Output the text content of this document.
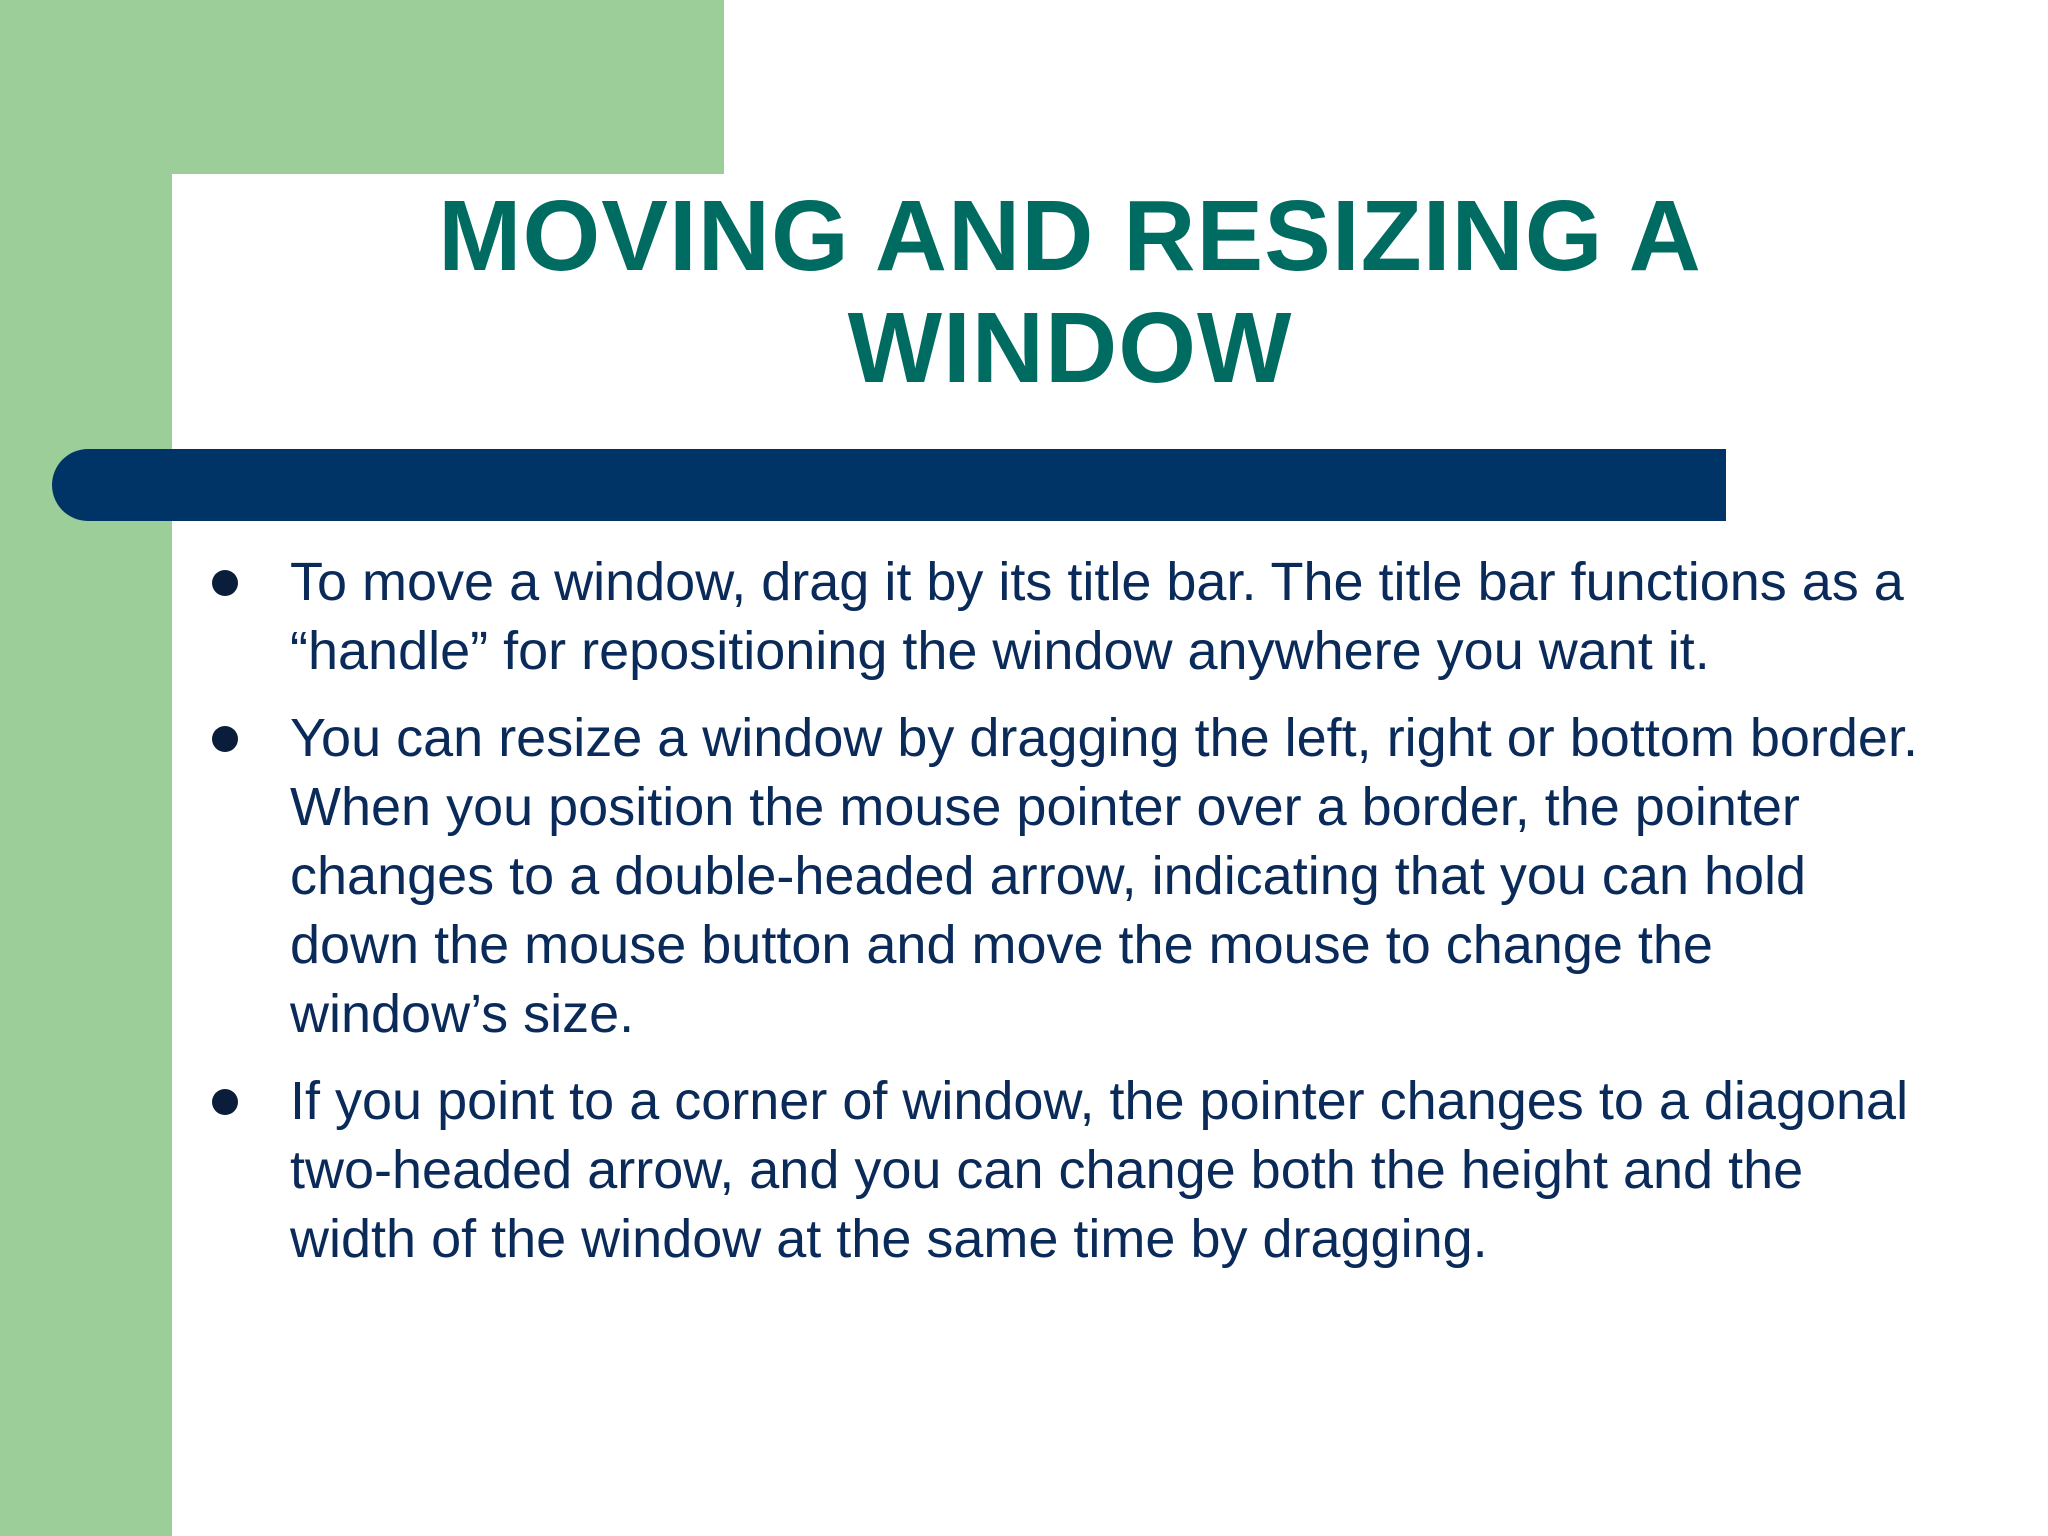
MOVING AND RESIZING A
WINDOW
To move a window, drag it by its title bar. The title bar functions as a “handle” for repositioning the window anywhere you want it.
You can resize a window by dragging the left, right or bottom border. When you position the mouse pointer over a border, the pointer changes to a double-headed arrow, indicating that you can hold down the mouse button and move the mouse to change the window’s size.
If you point to a corner of window, the pointer changes to a diagonal two-headed arrow, and you can change both the height and the width of the window at the same time by dragging.
